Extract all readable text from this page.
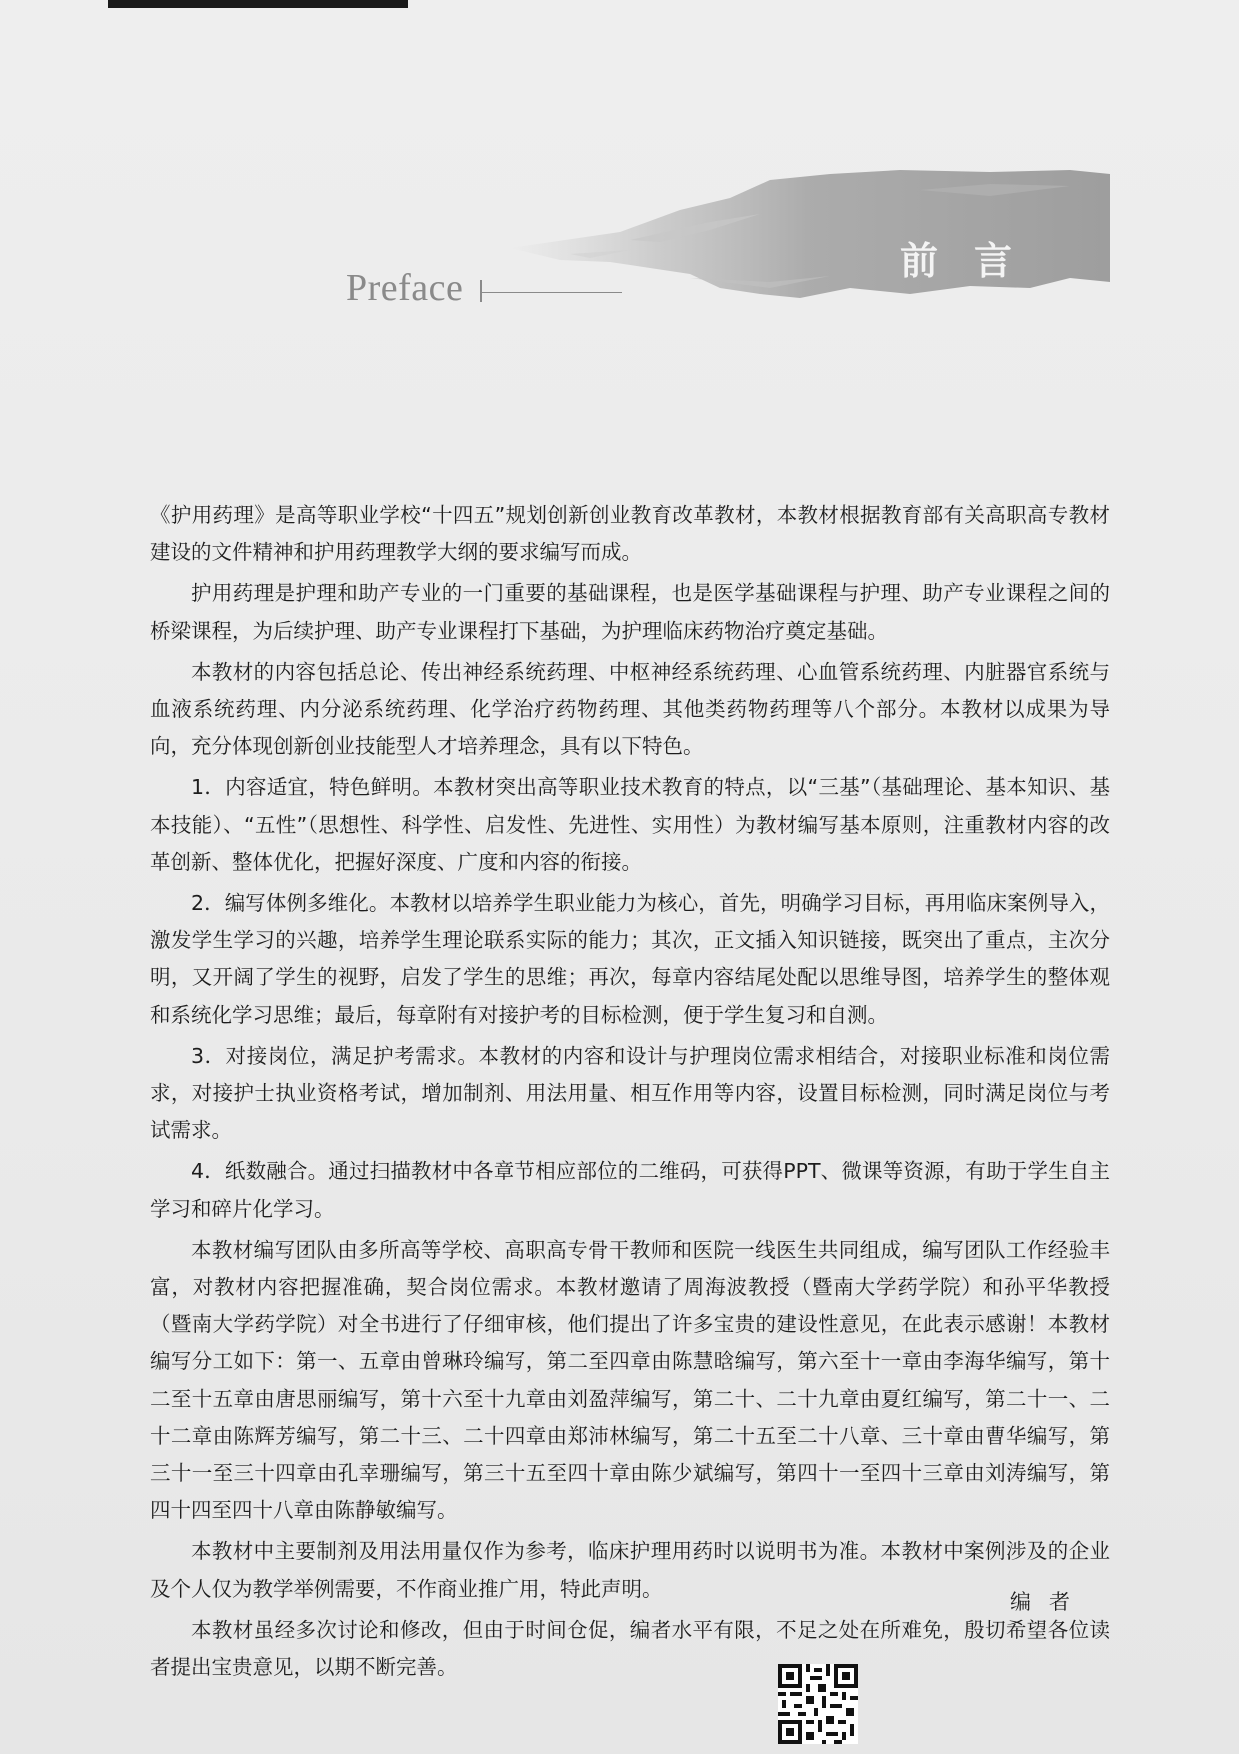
Preface
前言

《护用药理》是高等职业学校“十四五”规划创新创业教育改革教材，本教材根据教育部有关高职高专教材建设的文件精神和护用药理教学大纲的要求编写而成。

护用药理是护理和助产专业的一门重要的基础课程，也是医学基础课程与护理、助产专业课程之间的桥梁课程，为后续护理、助产专业课程打下基础，为护理临床药物治疗奠定基础。

本教材的内容包括总论、传出神经系统药理、中枢神经系统药理、心血管系统药理、内脏器官系统与血液系统药理、内分泌系统药理、化学治疗药物药理、其他类药物药理等八个部分。本教材以成果为导向，充分体现创新创业技能型人才培养理念，具有以下特色。

1．内容适宜，特色鲜明。本教材突出高等职业技术教育的特点，以“三基”（基础理论、基本知识、基本技能）、“五性”（思想性、科学性、启发性、先进性、实用性）为教材编写基本原则，注重教材内容的改革创新、整体优化，把握好深度、广度和内容的衔接。

2．编写体例多维化。本教材以培养学生职业能力为核心，首先，明确学习目标，再用临床案例导入，激发学生学习的兴趣，培养学生理论联系实际的能力；其次，正文插入知识链接，既突出了重点，主次分明，又开阔了学生的视野，启发了学生的思维；再次，每章内容结尾处配以思维导图，培养学生的整体观和系统化学习思维；最后，每章附有对接护考的目标检测，便于学生复习和自测。

3．对接岗位，满足护考需求。本教材的内容和设计与护理岗位需求相结合，对接职业标准和岗位需求，对接护士执业资格考试，增加制剂、用法用量、相互作用等内容，设置目标检测，同时满足岗位与考试需求。

4．纸数融合。通过扫描教材中各章节相应部位的二维码，可获得PPT、微课等资源，有助于学生自主学习和碎片化学习。

本教材编写团队由多所高等学校、高职高专骨干教师和医院一线医生共同组成，编写团队工作经验丰富，对教材内容把握准确，契合岗位需求。本教材邀请了周海波教授（暨南大学药学院）和孙平华教授（暨南大学药学院）对全书进行了仔细审核，他们提出了许多宝贵的建设性意见，在此表示感谢！本教材编写分工如下：第一、五章由曾琳玲编写，第二至四章由陈慧晗编写，第六至十一章由李海华编写，第十二至十五章由唐思丽编写，第十六至十九章由刘盈萍编写，第二十、二十九章由夏红编写，第二十一、二十二章由陈辉芳编写，第二十三、二十四章由郑沛林编写，第二十五至二十八章、三十章由曹华编写，第三十一至三十四章由孔幸珊编写，第三十五至四十章由陈少斌编写，第四十一至四十三章由刘涛编写，第四十四至四十八章由陈静敏编写。

本教材中主要制剂及用法用量仅作为参考，临床护理用药时以说明书为准。本教材中案例涉及的企业及个人仅为教学举例需要，不作商业推广用，特此声明。

本教材虽经多次讨论和修改，但由于时间仓促，编者水平有限，不足之处在所难免，殷切希望各位读者提出宝贵意见，以期不断完善。

编者
